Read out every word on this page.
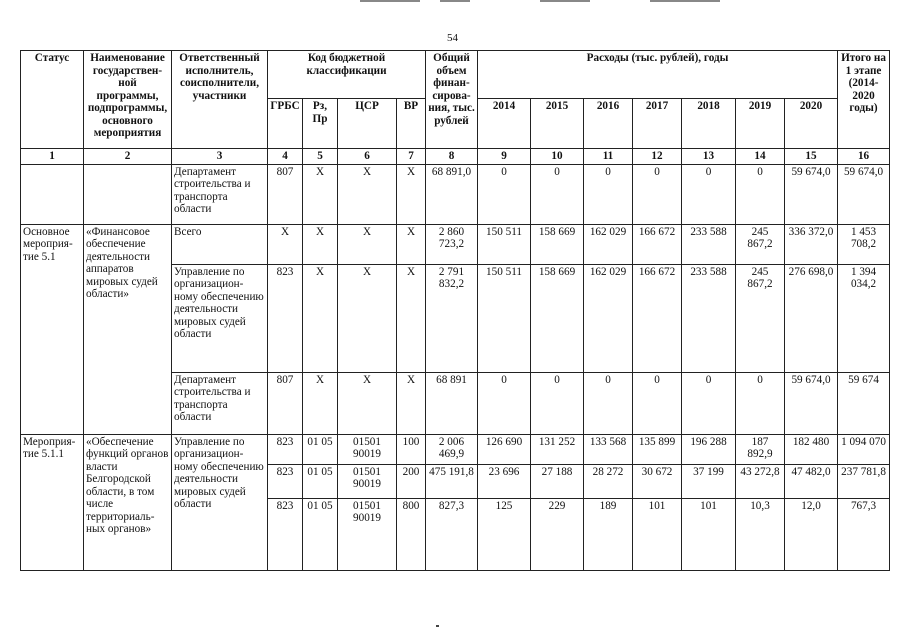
54
Статус	Наименование государствен-ной программы, подпрограммы, основного мероприятия	Ответственный исполнитель, соисполнители, участники	Код бюджетной классификации				Общий объем финан-сирова-ния, тыс. рублей	Расходы (тыс. рублей), годы							Итого на 1 этапе (2014-2020 годы)
			ГРБС	Рз, Пр	ЦСР	ВР		2014	2015	2016	2017	2018	2019	2020	
1	2	3	4	5	6	7	8	9	10	11	12	13	14	15	16
		Департамент строительства и транспорта области	807	X	X	X	68 891,0	0	0	0	0	0	0	59 674,0	59 674,0
Основное мероприя-тие 5.1	«Финансовое обеспечение деятельности аппаратов мировых судей области»	Всего	X	X	X	X	2 860 723,2	150 511	158 669	162 029	166 672	233 588	245 867,2	336 372,0	1 453 708,2
		Управление по организацион-ному обеспечению деятельности мировых судей области	823	X	X	X	2 791 832,2	150 511	158 669	162 029	166 672	233 588	245 867,2	276 698,0	1 394 034,2
		Департамент строительства и транспорта области	807	X	X	X	68 891	0	0	0	0	0	0	59 674,0	59 674
Мероприя-тие 5.1.1	«Обеспечение функций органов власти Белгородской области, в том числе территориаль-ных органов»	Управление по организацион-ному обеспечению деятельности мировых судей области	823	01 05	01501 90019	100	2 006 469,9	126 690	131 252	133 568	135 899	196 288	187 892,9	182 480	1 094 070
			823	01 05	01501 90019	200	475 191,8	23 696	27 188	28 272	30 672	37 199	43 272,8	47 482,0	237 781,8
			823	01 05	01501 90019	800	827,3	125	229	189	101	101	10,3	12,0	767,3
